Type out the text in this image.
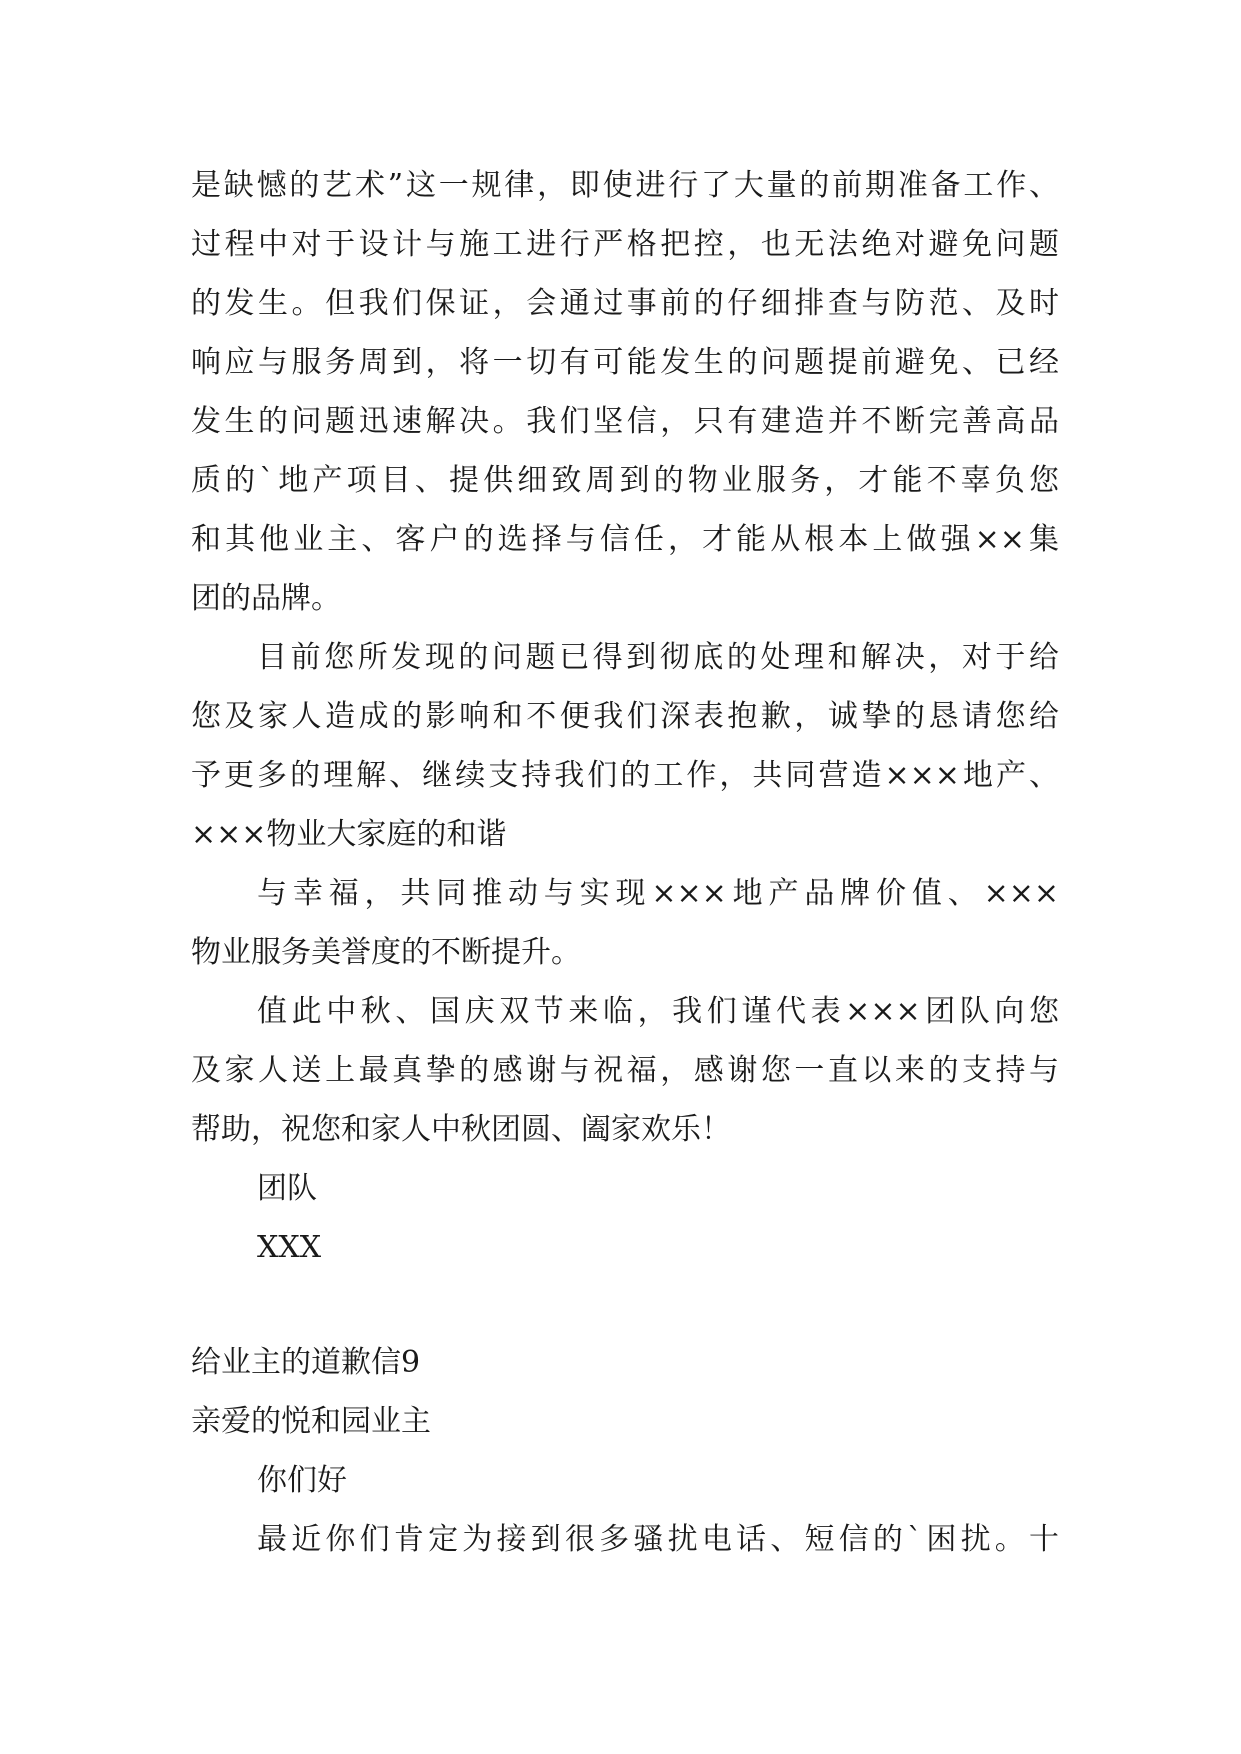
是缺憾的艺术”这一规律，即使进行了大量的前期准备工作、
过程中对于设计与施工进行严格把控，也无法绝对避免问题
的发生。但我们保证，会通过事前的仔细排查与防范、及时
响应与服务周到，将一切有可能发生的问题提前避免、已经
发生的问题迅速解决。我们坚信，只有建造并不断完善高品
质的`地产项目、提供细致周到的物业服务，才能不辜负您
和其他业主、客户的选择与信任，才能从根本上做强××集
团的品牌。
目前您所发现的问题已得到彻底的处理和解决，对于给
您及家人造成的影响和不便我们深表抱歉，诚挚的恳请您给
予更多的理解、继续支持我们的工作，共同营造×××地产、
×××物业大家庭的和谐
与幸福，共同推动与实现×××地产品牌价值、×××
物业服务美誉度的不断提升。
值此中秋、国庆双节来临，我们谨代表×××团队向您
及家人送上最真挚的感谢与祝福，感谢您一直以来的支持与
帮助，祝您和家人中秋团圆、阖家欢乐！
团队
XXX
给业主的道歉信9
亲爱的悦和园业主
你们好
最近你们肯定为接到很多骚扰电话、短信的`困扰。十
